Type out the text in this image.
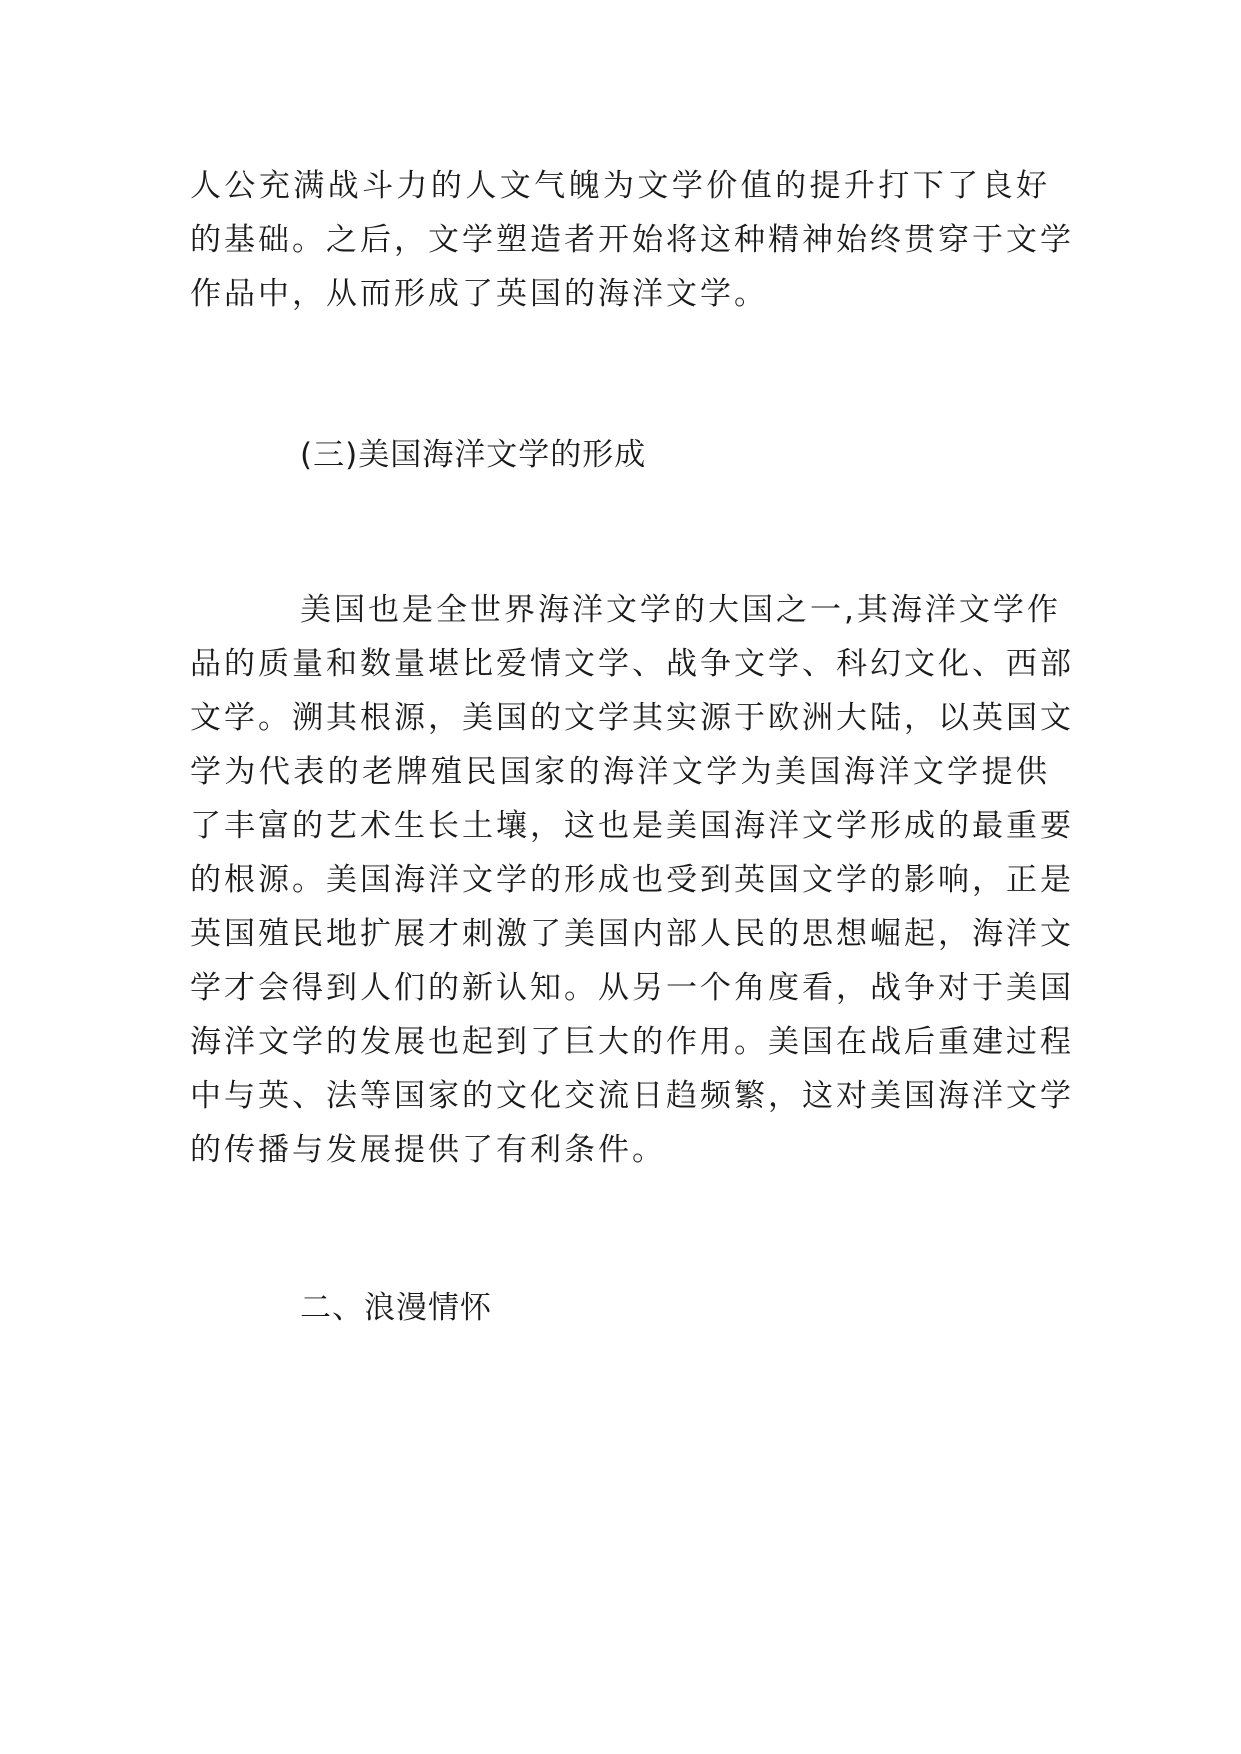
人公充满战斗力的人文气魄为文学价值的提升打下了良好
的基础。之后，文学塑造者开始将这种精神始终贯穿于文学
作品中，从而形成了英国的海洋文学。
(三)美国海洋文学的形成
美国也是全世界海洋文学的大国之一,其海洋文学作
品的质量和数量堪比爱情文学、战争文学、科幻文化、西部
文学。溯其根源，美国的文学其实源于欧洲大陆，以英国文
学为代表的老牌殖民国家的海洋文学为美国海洋文学提供
了丰富的艺术生长土壤，这也是美国海洋文学形成的最重要
的根源。美国海洋文学的形成也受到英国文学的影响，正是
英国殖民地扩展才刺激了美国内部人民的思想崛起，海洋文
学才会得到人们的新认知。从另一个角度看，战争对于美国
海洋文学的发展也起到了巨大的作用。美国在战后重建过程
中与英、法等国家的文化交流日趋频繁，这对美国海洋文学
的传播与发展提供了有利条件。
二、浪漫情怀
